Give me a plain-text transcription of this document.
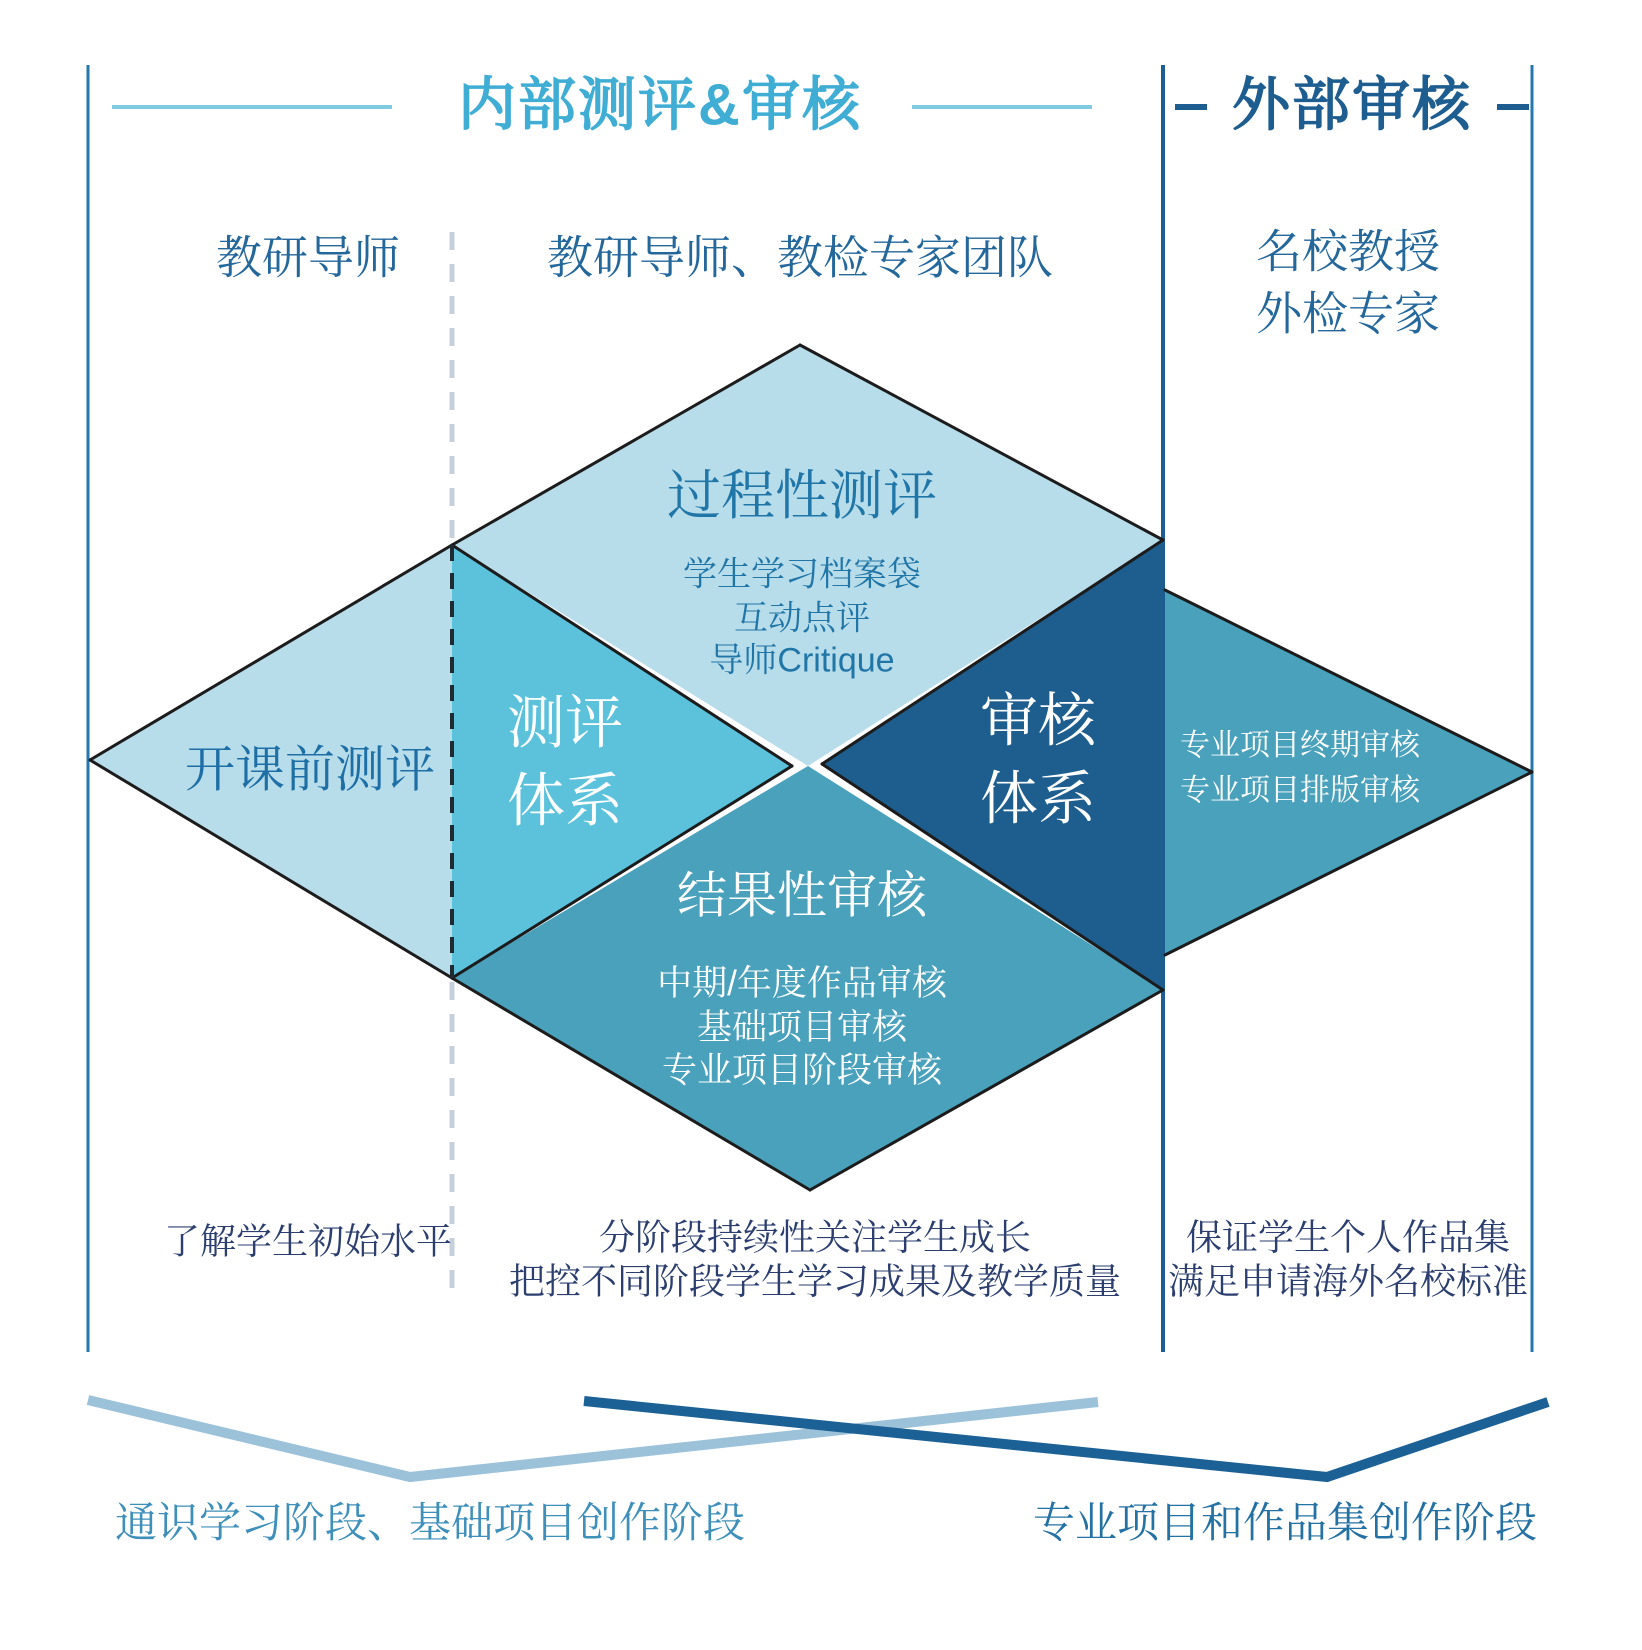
内部测评&审核	外部审核
教研导师	教研导师、教检专家团队	名校教授
外检专家
开课前测评
测评
体系
审核
体系
过程性测评
学生学习档案袋
互动点评
导师Critique
结果性审核
中期/年度作品审核
基础项目审核
专业项目阶段审核
专业项目终期审核
专业项目排版审核
了解学生初始水平	分阶段持续性关注学生成长
把控不同阶段学生学习成果及教学质量
保证学生个人作品集
满足申请海外名校标准
通识学习阶段、基础项目创作阶段	专业项目和作品集创作阶段
